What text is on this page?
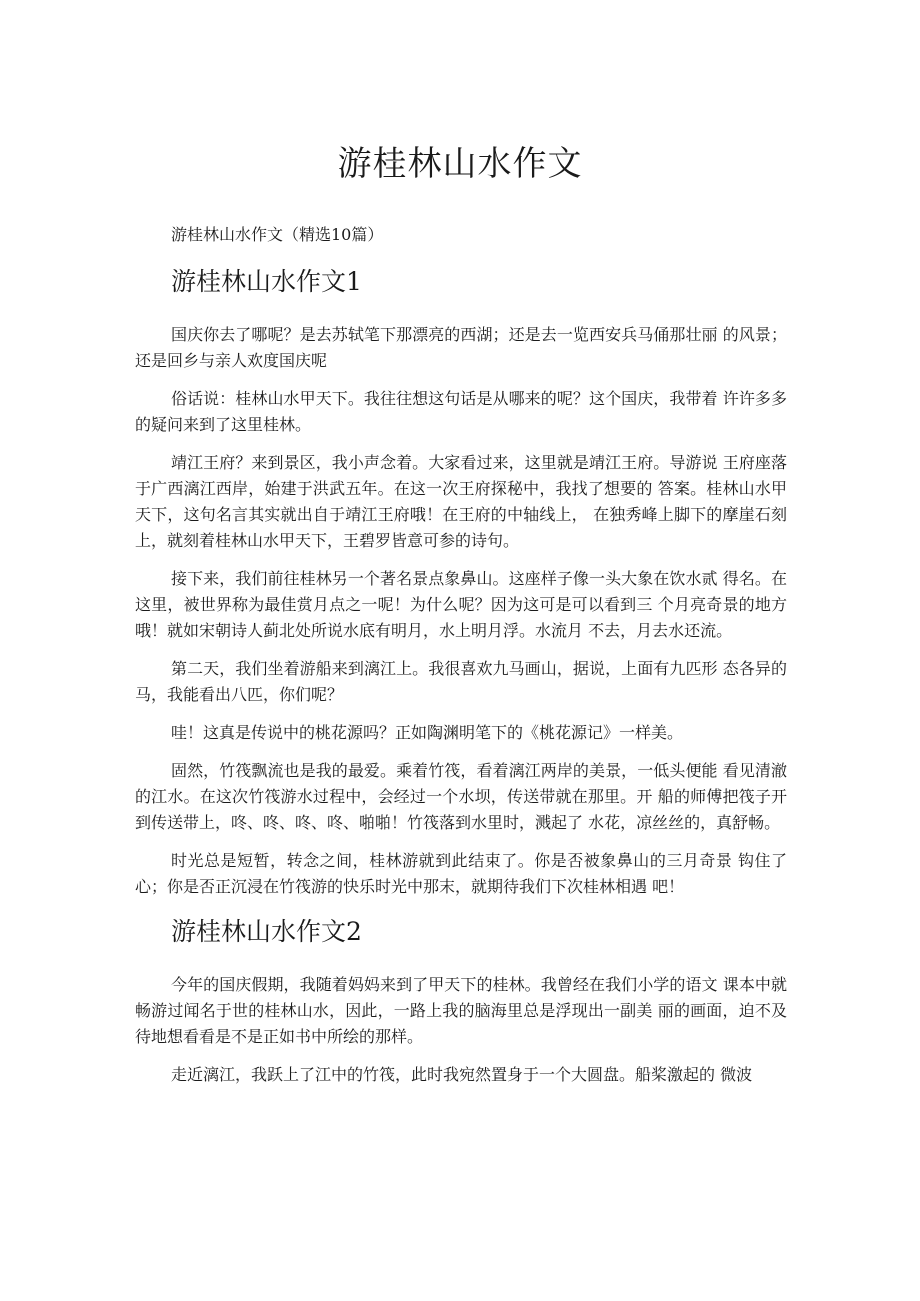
游桂林山水作文

游桂林山水作文（精选10篇）

游桂林山水作文1

国庆你去了哪呢？是去苏轼笔下那漂亮的西湖；还是去一览西安兵马俑那壮丽 的风景；还是回乡与亲人欢度国庆呢

俗话说：桂林山水甲天下。我往往想这句话是从哪来的呢？这个国庆，我带着 许许多多的疑问来到了这里桂林。

靖江王府？来到景区，我小声念着。大家看过来，这里就是靖江王府。导游说 王府座落于广西漓江西岸，始建于洪武五年。在这一次王府探秘中，我找了想要的 答案。桂林山水甲天下，这句名言其实就出自于靖江王府哦！在王府的中轴线上， 在独秀峰上脚下的摩崖石刻上，就刻着桂林山水甲天下，王碧罗皆意可参的诗句。

接下来，我们前往桂林另一个著名景点象鼻山。这座样子像一头大象在饮水贰 得名。在这里，被世界称为最佳赏月点之一呢！为什么呢？因为这可是可以看到三 个月亮奇景的地方哦！就如宋朝诗人蓟北处所说水底有明月，水上明月浮。水流月 不去，月去水还流。

第二天，我们坐着游船来到漓江上。我很喜欢九马画山，据说，上面有九匹形 态各异的马，我能看出八匹，你们呢？

哇！这真是传说中的桃花源吗？正如陶渊明笔下的《桃花源记》一样美。

固然，竹筏飘流也是我的最爱。乘着竹筏，看着漓江两岸的美景，一低头便能 看见清澈的江水。在这次竹筏游水过程中，会经过一个水坝，传送带就在那里。开 船的师傅把筏子开到传送带上，咚、咚、咚、咚、啪啪！竹筏落到水里时，溅起了 水花，凉丝丝的，真舒畅。

时光总是短暂，转念之间，桂林游就到此结束了。你是否被象鼻山的三月奇景 钩住了心；你是否正沉浸在竹筏游的快乐时光中那末，就期待我们下次桂林相遇 吧！

游桂林山水作文2

今年的国庆假期，我随着妈妈来到了甲天下的桂林。我曾经在我们小学的语文 课本中就畅游过闻名于世的桂林山水，因此，一路上我的脑海里总是浮现出一副美 丽的画面，迫不及待地想看看是不是正如书中所绘的那样。

走近漓江，我跃上了江中的竹筏，此时我宛然置身于一个大圆盘。船桨激起的 微波
